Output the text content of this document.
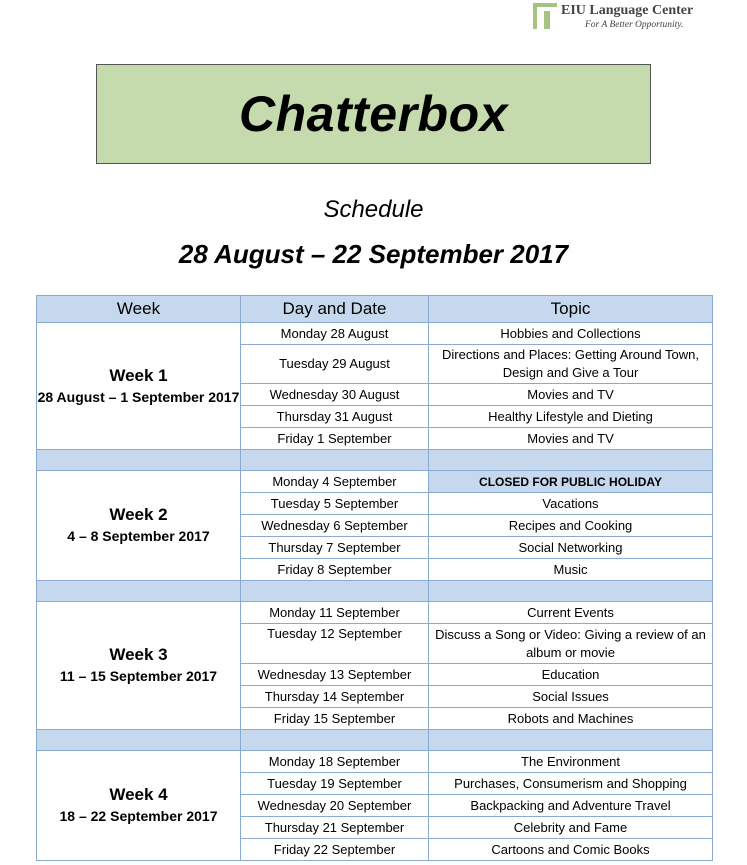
EIU Language Center
For A Better Opportunity.
Chatterbox
Schedule
28 August – 22 September 2017
Week	Day and Date	Topic

Week 1
28 August – 1 September 2017	Monday 28 August	Hobbies and Collections
	Tuesday 29 August	Directions and Places: Getting Around Town, Design and Give a Tour
	Wednesday 30 August	Movies and TV
	Thursday 31 August	Healthy Lifestyle and Dieting
	Friday 1 September	Movies and TV

Week 2
4 – 8 September 2017	Monday 4 September	CLOSED FOR PUBLIC HOLIDAY
	Tuesday 5 September	Vacations
	Wednesday 6 September	Recipes and Cooking
	Thursday 7 September	Social Networking
	Friday 8 September	Music

Week 3
11 – 15 September 2017	Monday 11 September	Current Events
	Tuesday 12 September	Discuss a Song or Video: Giving a review of an album or movie
	Wednesday 13 September	Education
	Thursday 14 September	Social Issues
	Friday 15 September	Robots and Machines

Week 4
18 – 22 September 2017	Monday 18 September	The Environment
	Tuesday 19 September	Purchases, Consumerism and Shopping
	Wednesday 20 September	Backpacking and Adventure Travel
	Thursday 21 September	Celebrity and Fame
	Friday 22 September	Cartoons and Comic Books
